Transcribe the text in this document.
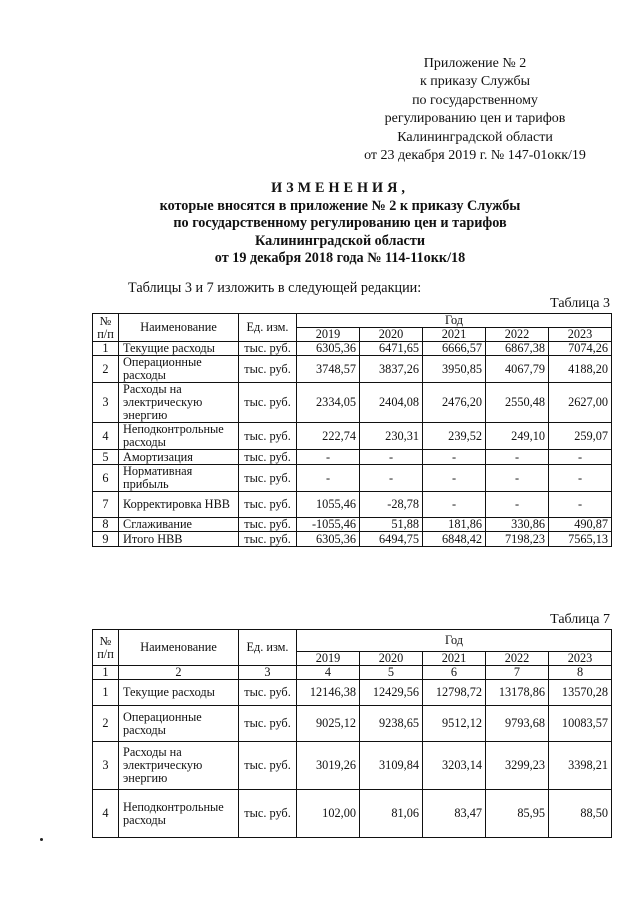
Приложение № 2
к приказу Службы
по государственному
регулированию цен и тарифов
Калининградской области
от 23 декабря 2019 г. № 147-01окк/19
ИЗМЕНЕНИЯ,
которые вносятся в приложение № 2 к приказу Службы
по государственному регулированию цен и тарифов
Калининградской области
от 19 декабря 2018 года № 114-11окк/18
Таблицы 3 и 7 изложить в следующей редакции:
Таблица 3
№ п/п	Наименование	Ед. изм.	Год				
			2019	2020	2021	2022	2023
1	Текущие расходы	тыс. руб.	6305,36	6471,65	6666,57	6867,38	7074,26
2	Операционные расходы	тыс. руб.	3748,57	3837,26	3950,85	4067,79	4188,20
3	Расходы на электрическую энергию	тыс. руб.	2334,05	2404,08	2476,20	2550,48	2627,00
4	Неподконтрольные расходы	тыс. руб.	222,74	230,31	239,52	249,10	259,07
5	Амортизация	тыс. руб.	-	-	-	-	-
6	Нормативная прибыль	тыс. руб.	-	-	-	-	-
7	Корректировка НВВ	тыс. руб.	1055,46	-28,78	-	-	-
8	Сглаживание	тыс. руб.	-1055,46	51,88	181,86	330,86	490,87
9	Итого НВВ	тыс. руб.	6305,36	6494,75	6848,42	7198,23	7565,13
Таблица 7
№ п/п	Наименование	Ед. изм.	Год				
			2019	2020	2021	2022	2023
1	2	3	4	5	6	7	8
1	Текущие расходы	тыс. руб.	12146,38	12429,56	12798,72	13178,86	13570,28
2	Операционные расходы	тыс. руб.	9025,12	9238,65	9512,12	9793,68	10083,57
3	Расходы на электрическую энергию	тыс. руб.	3019,26	3109,84	3203,14	3299,23	3398,21
4	Неподконтрольные расходы	тыс. руб.	102,00	81,06	83,47	85,95	88,50
